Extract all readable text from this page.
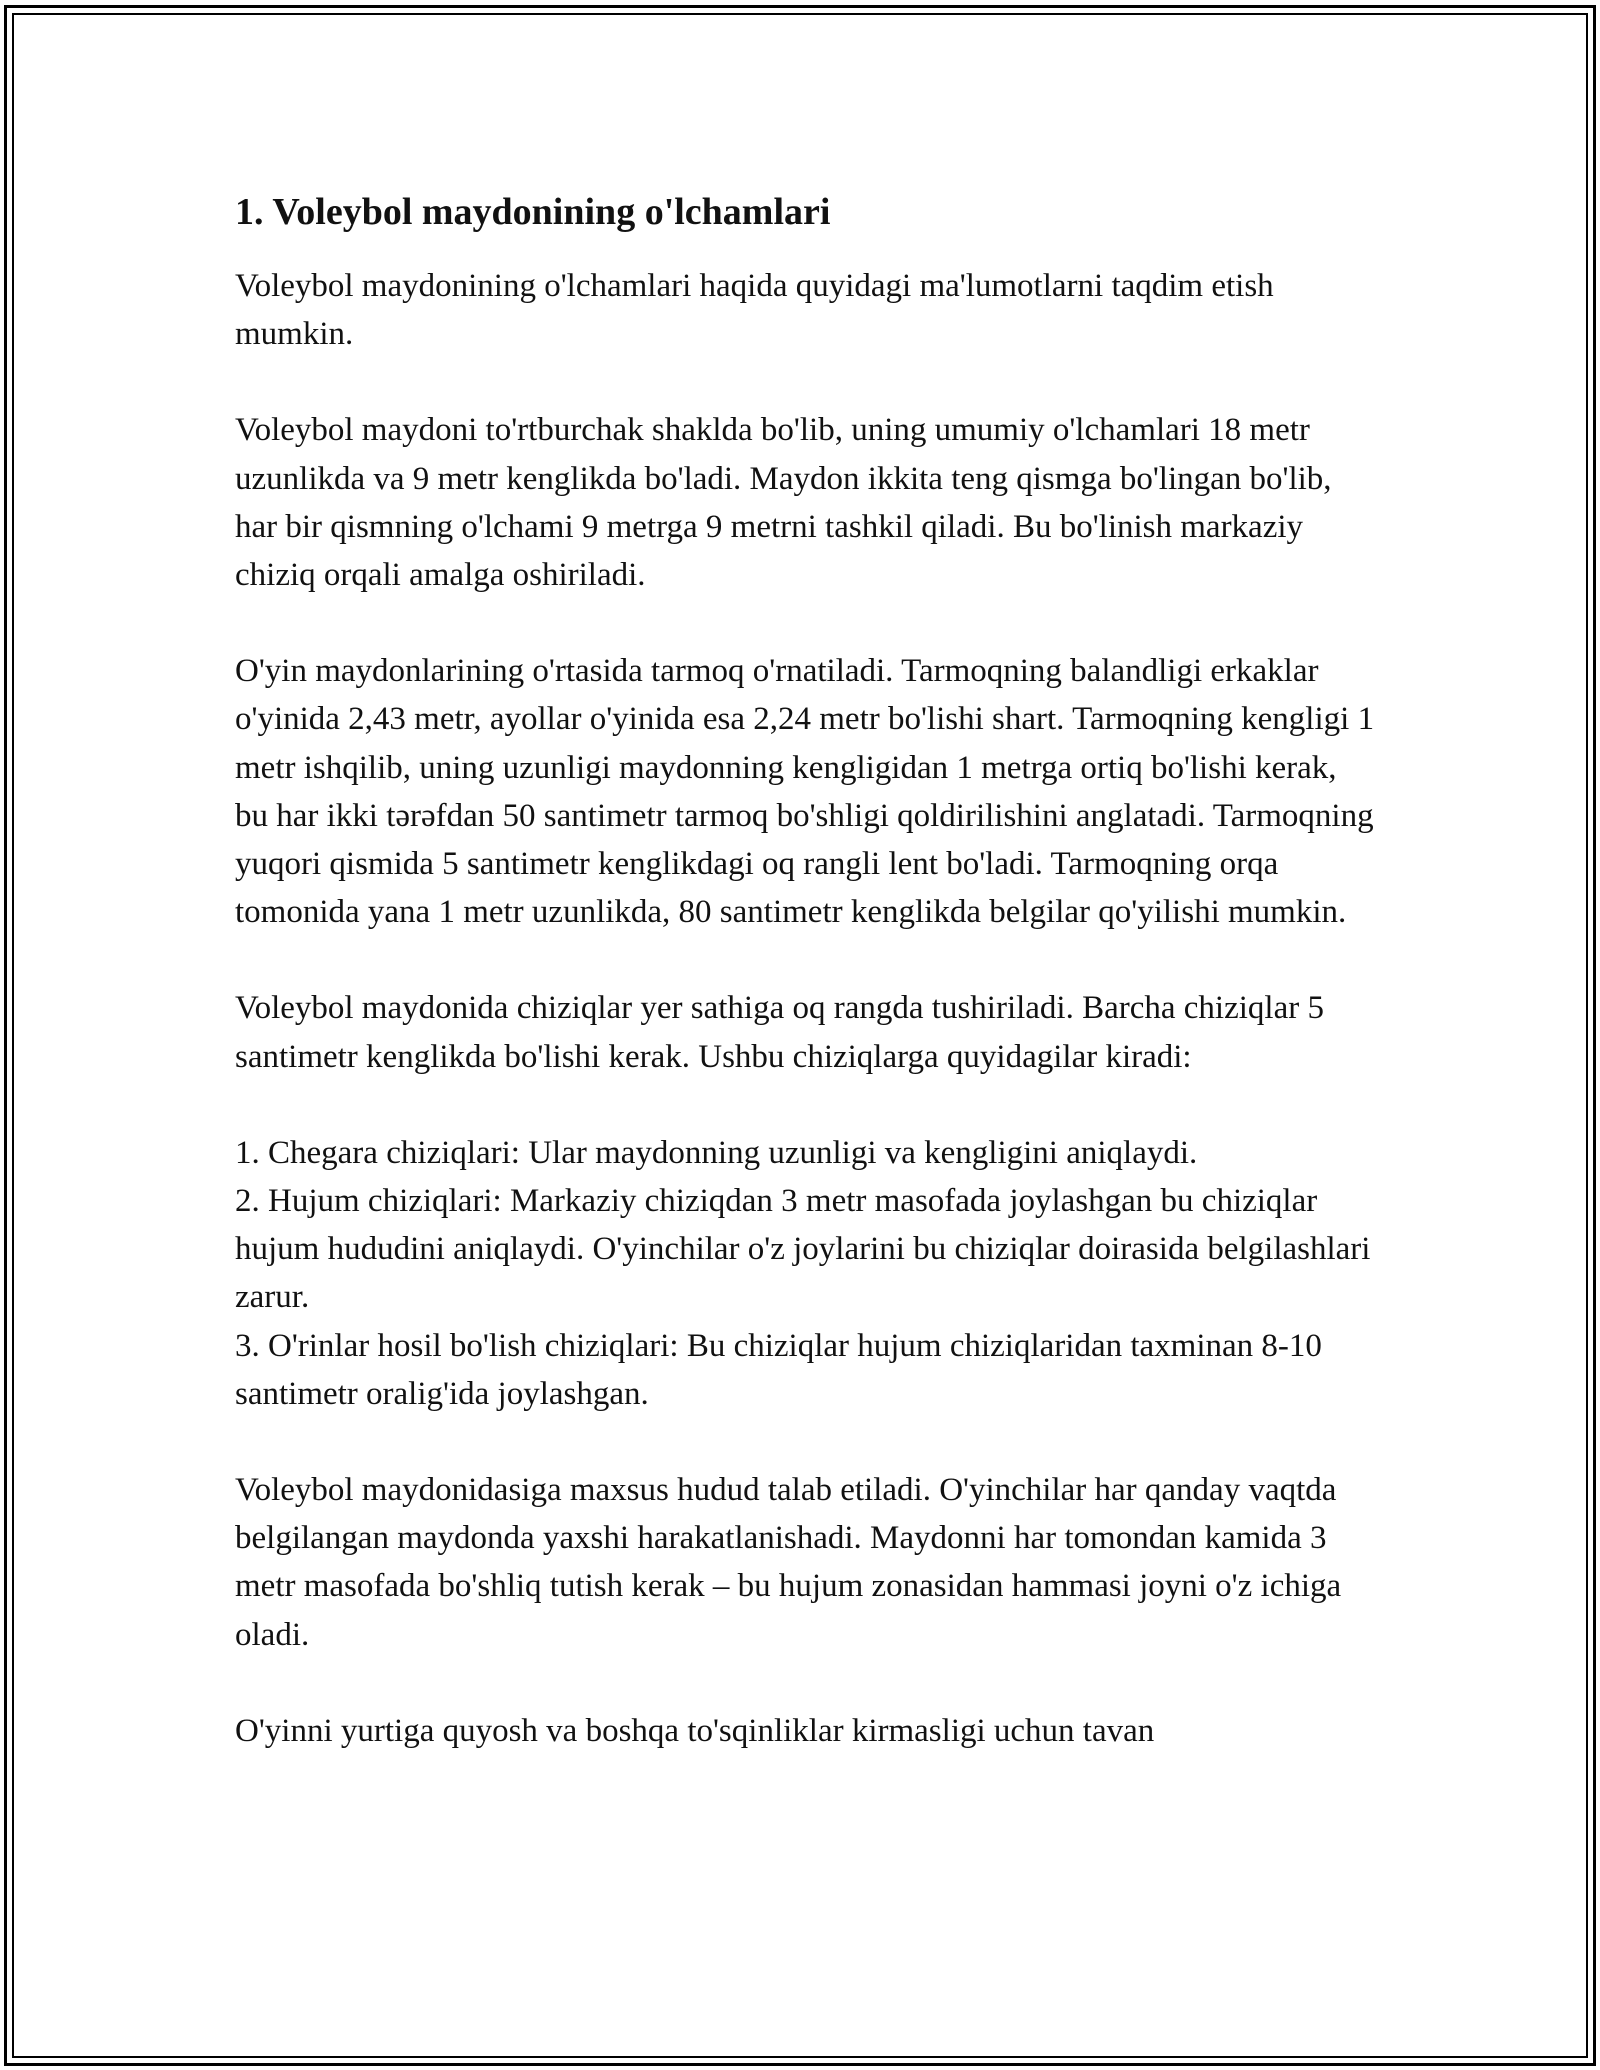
1. Voleybol maydonining o'lchamlari

Voleybol maydonining o'lchamlari haqida quyidagi ma'lumotlarni taqdim etish mumkin.

Voleybol maydoni to'rtburchak shaklda bo'lib, uning umumiy o'lchamlari 18 metr uzunlikda va 9 metr kenglikda bo'ladi. Maydon ikkita teng qismga bo'lingan bo'lib, har bir qismning o'lchami 9 metrga 9 metrni tashkil qiladi. Bu bo'linish markaziy chiziq orqali amalga oshiriladi.

O'yin maydonlarining o'rtasida tarmoq o'rnatiladi. Tarmoqning balandligi erkaklar o'yinida 2,43 metr, ayollar o'yinida esa 2,24 metr bo'lishi shart. Tarmoqning kengligi 1 metr ishqilib, uning uzunligi maydonning kengligidan 1 metrga ortiq bo'lishi kerak, bu har ikki tərəfdan 50 santimetr tarmoq bo'shligi qoldirilishini anglatadi. Tarmoqning yuqori qismida 5 santimetr kenglikdagi oq rangli lent bo'ladi. Tarmoqning orqa tomonida yana 1 metr uzunlikda, 80 santimetr kenglikda belgilar qo'yilishi mumkin.

Voleybol maydonida chiziqlar yer sathiga oq rangda tushiriladi. Barcha chiziqlar 5 santimetr kenglikda bo'lishi kerak. Ushbu chiziqlarga quyidagilar kiradi:

1. Chegara chiziqlari: Ular maydonning uzunligi va kengligini aniqlaydi.

2. Hujum chiziqlari: Markaziy chiziqdan 3 metr masofada joylashgan bu chiziqlar hujum hududini aniqlaydi. O'yinchilar o'z joylarini bu chiziqlar doirasida belgilashlari zarur.

3. O'rinlar hosil bo'lish chiziqlari: Bu chiziqlar hujum chiziqlaridan taxminan 8-10 santimetr oralig'ida joylashgan.

Voleybol maydonidasiga maxsus hudud talab etiladi. O'yinchilar har qanday vaqtda belgilangan maydonda yaxshi harakatlanishadi. Maydonni har tomondan kamida 3 metr masofada bo'shliq tutish kerak – bu hujum zonasidan hammasi joyni o'z ichiga oladi.

O'yinni yurtiga quyosh va boshqa to'sqinliklar kirmasligi uchun tavan
